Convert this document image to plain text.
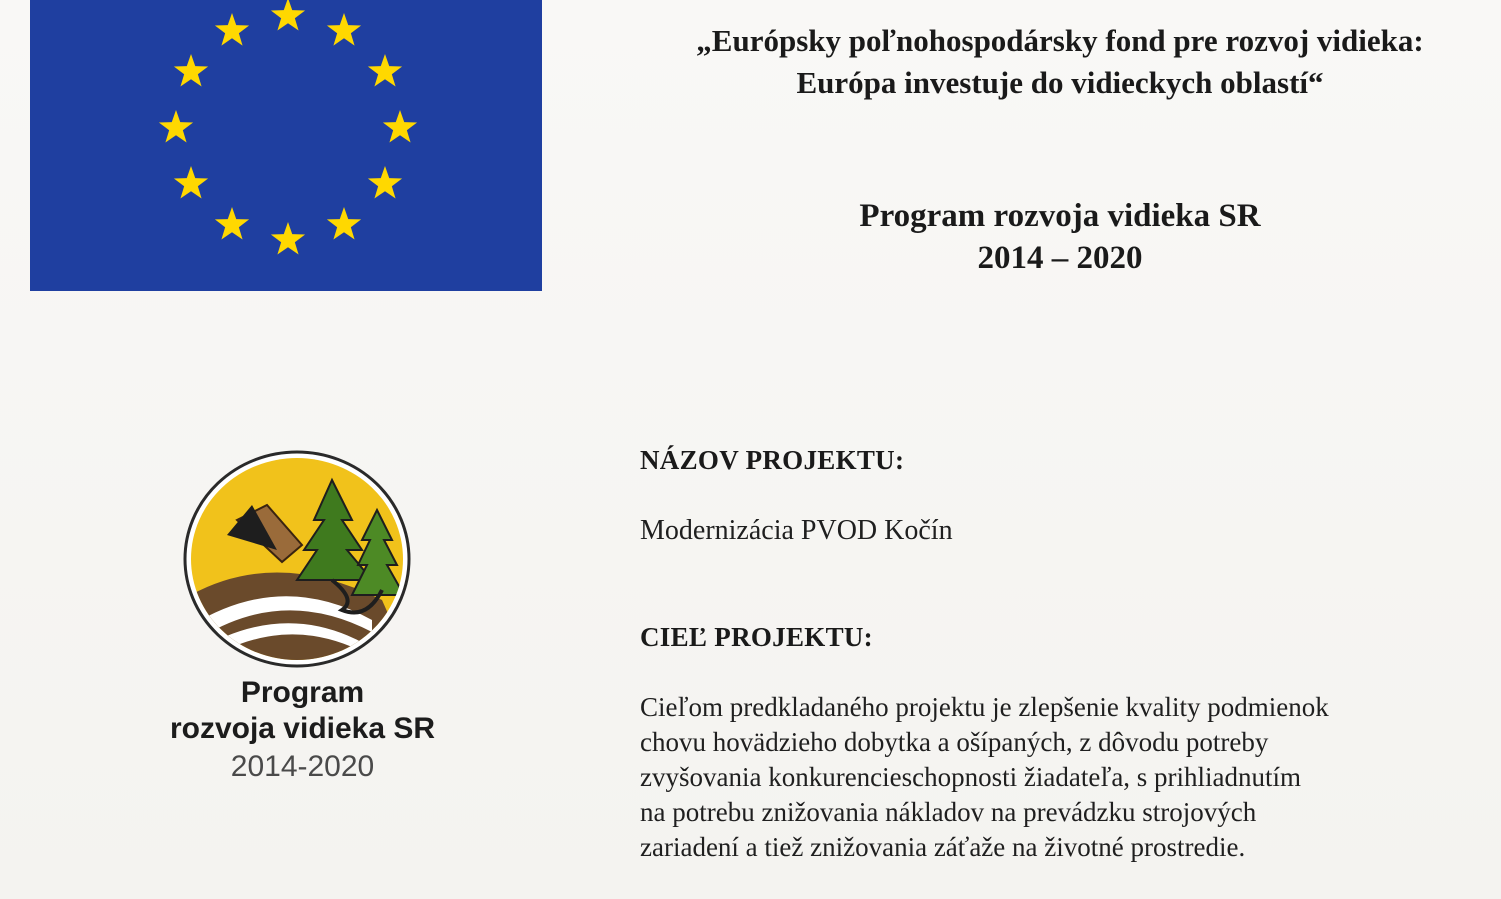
„Európsky poľnohospodársky fond pre rozvoj vidieka:
Európa investuje do vidieckych oblastí“
Program rozvoja vidieka SR
2014 – 2020
NÁZOV PROJEKTU:
Modernizácia PVOD Kočín
CIEĽ PROJEKTU:
Cieľom predkladaného projektu je zlepšenie kvality podmienok
chovu hovädzieho dobytka a ošípaných, z dôvodu potreby
zvyšovania konkurencieschopnosti žiadateľa, s prihliadnutím
na potrebu znižovania nákladov na prevádzku strojových
zariadení a tiež znižovania záťaže na životné prostredie.
Program
rozvoja vidieka SR
2014-2020
